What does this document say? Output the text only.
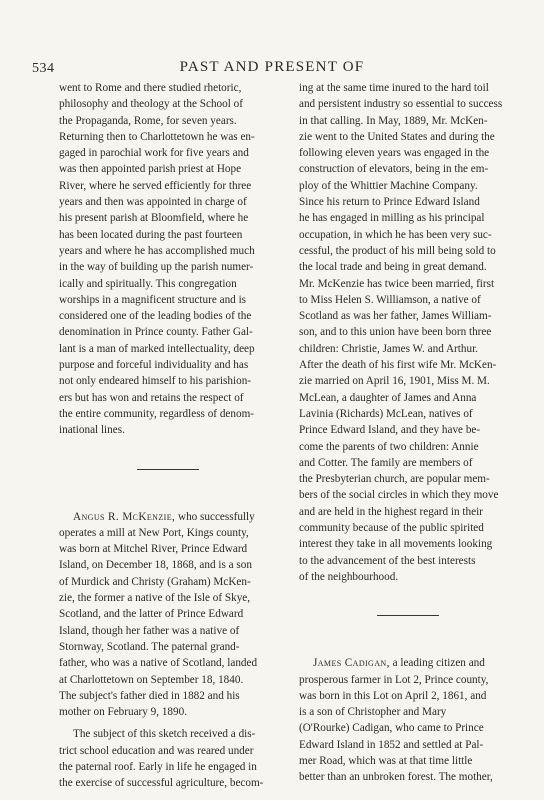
534	PAST AND PRESENT OF

went to Rome and there studied rhetoric,
philosophy and theology at the School of
the Propaganda, Rome, for seven years.
Returning then to Charlottetown he was en-
gaged in parochial work for five years and
was then appointed parish priest at Hope
River, where he served efficiently for three
years and then was appointed in charge of
his present parish at Bloomfield, where he
has been located during the past fourteen
years and where he has accomplished much
in the way of building up the parish numer-
ically and spiritually. This congregation
worships in a magnificent structure and is
considered one of the leading bodies of the
denomination in Prince county. Father Gal-
lant is a man of marked intellectuality, deep
purpose and forceful individuality and has
not only endeared himself to his parishion-
ers but has won and retains the respect of
the entire community, regardless of denom-
inational lines.

Angus R. McKenzie, who successfully
operates a mill at New Port, Kings county,
was born at Mitchel River, Prince Edward
Island, on December 18, 1868, and is a son
of Murdick and Christy (Graham) McKen-
zie, the former a native of the Isle of Skye,
Scotland, and the latter of Prince Edward
Island, though her father was a native of
Stornway, Scotland. The paternal grand-
father, who was a native of Scotland, landed
at Charlottetown on September 18, 1840.
The subject's father died in 1882 and his
mother on February 9, 1890.

The subject of this sketch received a dis-
trict school education and was reared under
the paternal roof. Early in life he engaged in
the exercise of successful agriculture, becom-

ing at the same time inured to the hard toil
and persistent industry so essential to success
in that calling. In May, 1889, Mr. McKen-
zie went to the United States and during the
following eleven years was engaged in the
construction of elevators, being in the em-
ploy of the Whittier Machine Company.
Since his return to Prince Edward Island
he has engaged in milling as his principal
occupation, in which he has been very suc-
cessful, the product of his mill being sold to
the local trade and being in great demand.
Mr. McKenzie has twice been married, first
to Miss Helen S. Williamson, a native of
Scotland as was her father, James William-
son, and to this union have been born three
children: Christie, James W. and Arthur.
After the death of his first wife Mr. McKen-
zie married on April 16, 1901, Miss M. M.
McLean, a daughter of James and Anna
Lavinia (Richards) McLean, natives of
Prince Edward Island, and they have be-
come the parents of two children: Annie
and Cotter. The family are members of
the Presbyterian church, are popular mem-
bers of the social circles in which they move
and are held in the highest regard in their
community because of the public spirited
interest they take in all movements looking
to the advancement of the best interests
of the neighbourhood.

James Cadigan, a leading citizen and
prosperous farmer in Lot 2, Prince county,
was born in this Lot on April 2, 1861, and
is a son of Christopher and Mary
(O'Rourke) Cadigan, who came to Prince
Edward Island in 1852 and settled at Pal-
mer Road, which was at that time little
better than an unbroken forest. The mother,
